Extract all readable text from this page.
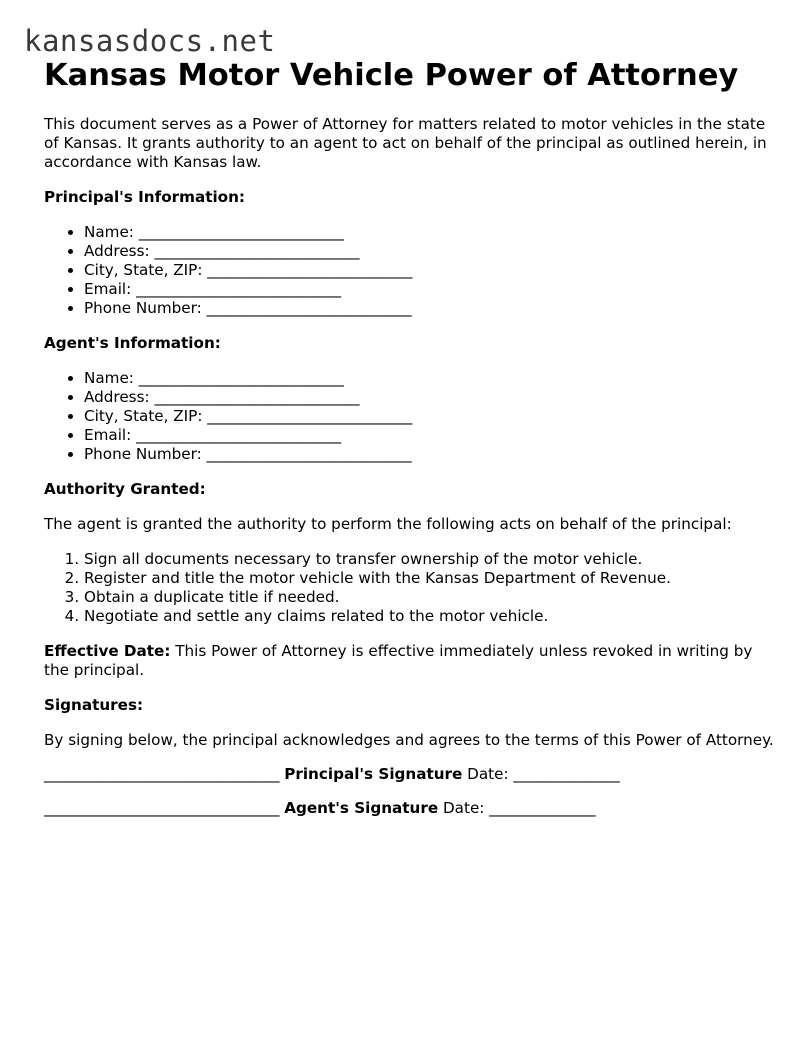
kansasdocs.net
Kansas Motor Vehicle Power of Attorney

This document serves as a Power of Attorney for matters related to motor vehicles in the state of Kansas. It grants authority to an agent to act on behalf of the principal as outlined herein, in accordance with Kansas law.

Principal's Information:

• Name: ___________________________
• Address: ___________________________
• City, State, ZIP: ___________________________
• Email: ___________________________
• Phone Number: ___________________________

Agent's Information:

• Name: ___________________________
• Address: ___________________________
• City, State, ZIP: ___________________________
• Email: ___________________________
• Phone Number: ___________________________

Authority Granted:

The agent is granted the authority to perform the following acts on behalf of the principal:

1. Sign all documents necessary to transfer ownership of the motor vehicle.
2. Register and title the motor vehicle with the Kansas Department of Revenue.
3. Obtain a duplicate title if needed.
4. Negotiate and settle any claims related to the motor vehicle.

Effective Date: This Power of Attorney is effective immediately unless revoked in writing by the principal.

Signatures:

By signing below, the principal acknowledges and agrees to the terms of this Power of Attorney.

_______________________________ Principal's Signature Date: ______________

_______________________________ Agent's Signature Date: ______________
